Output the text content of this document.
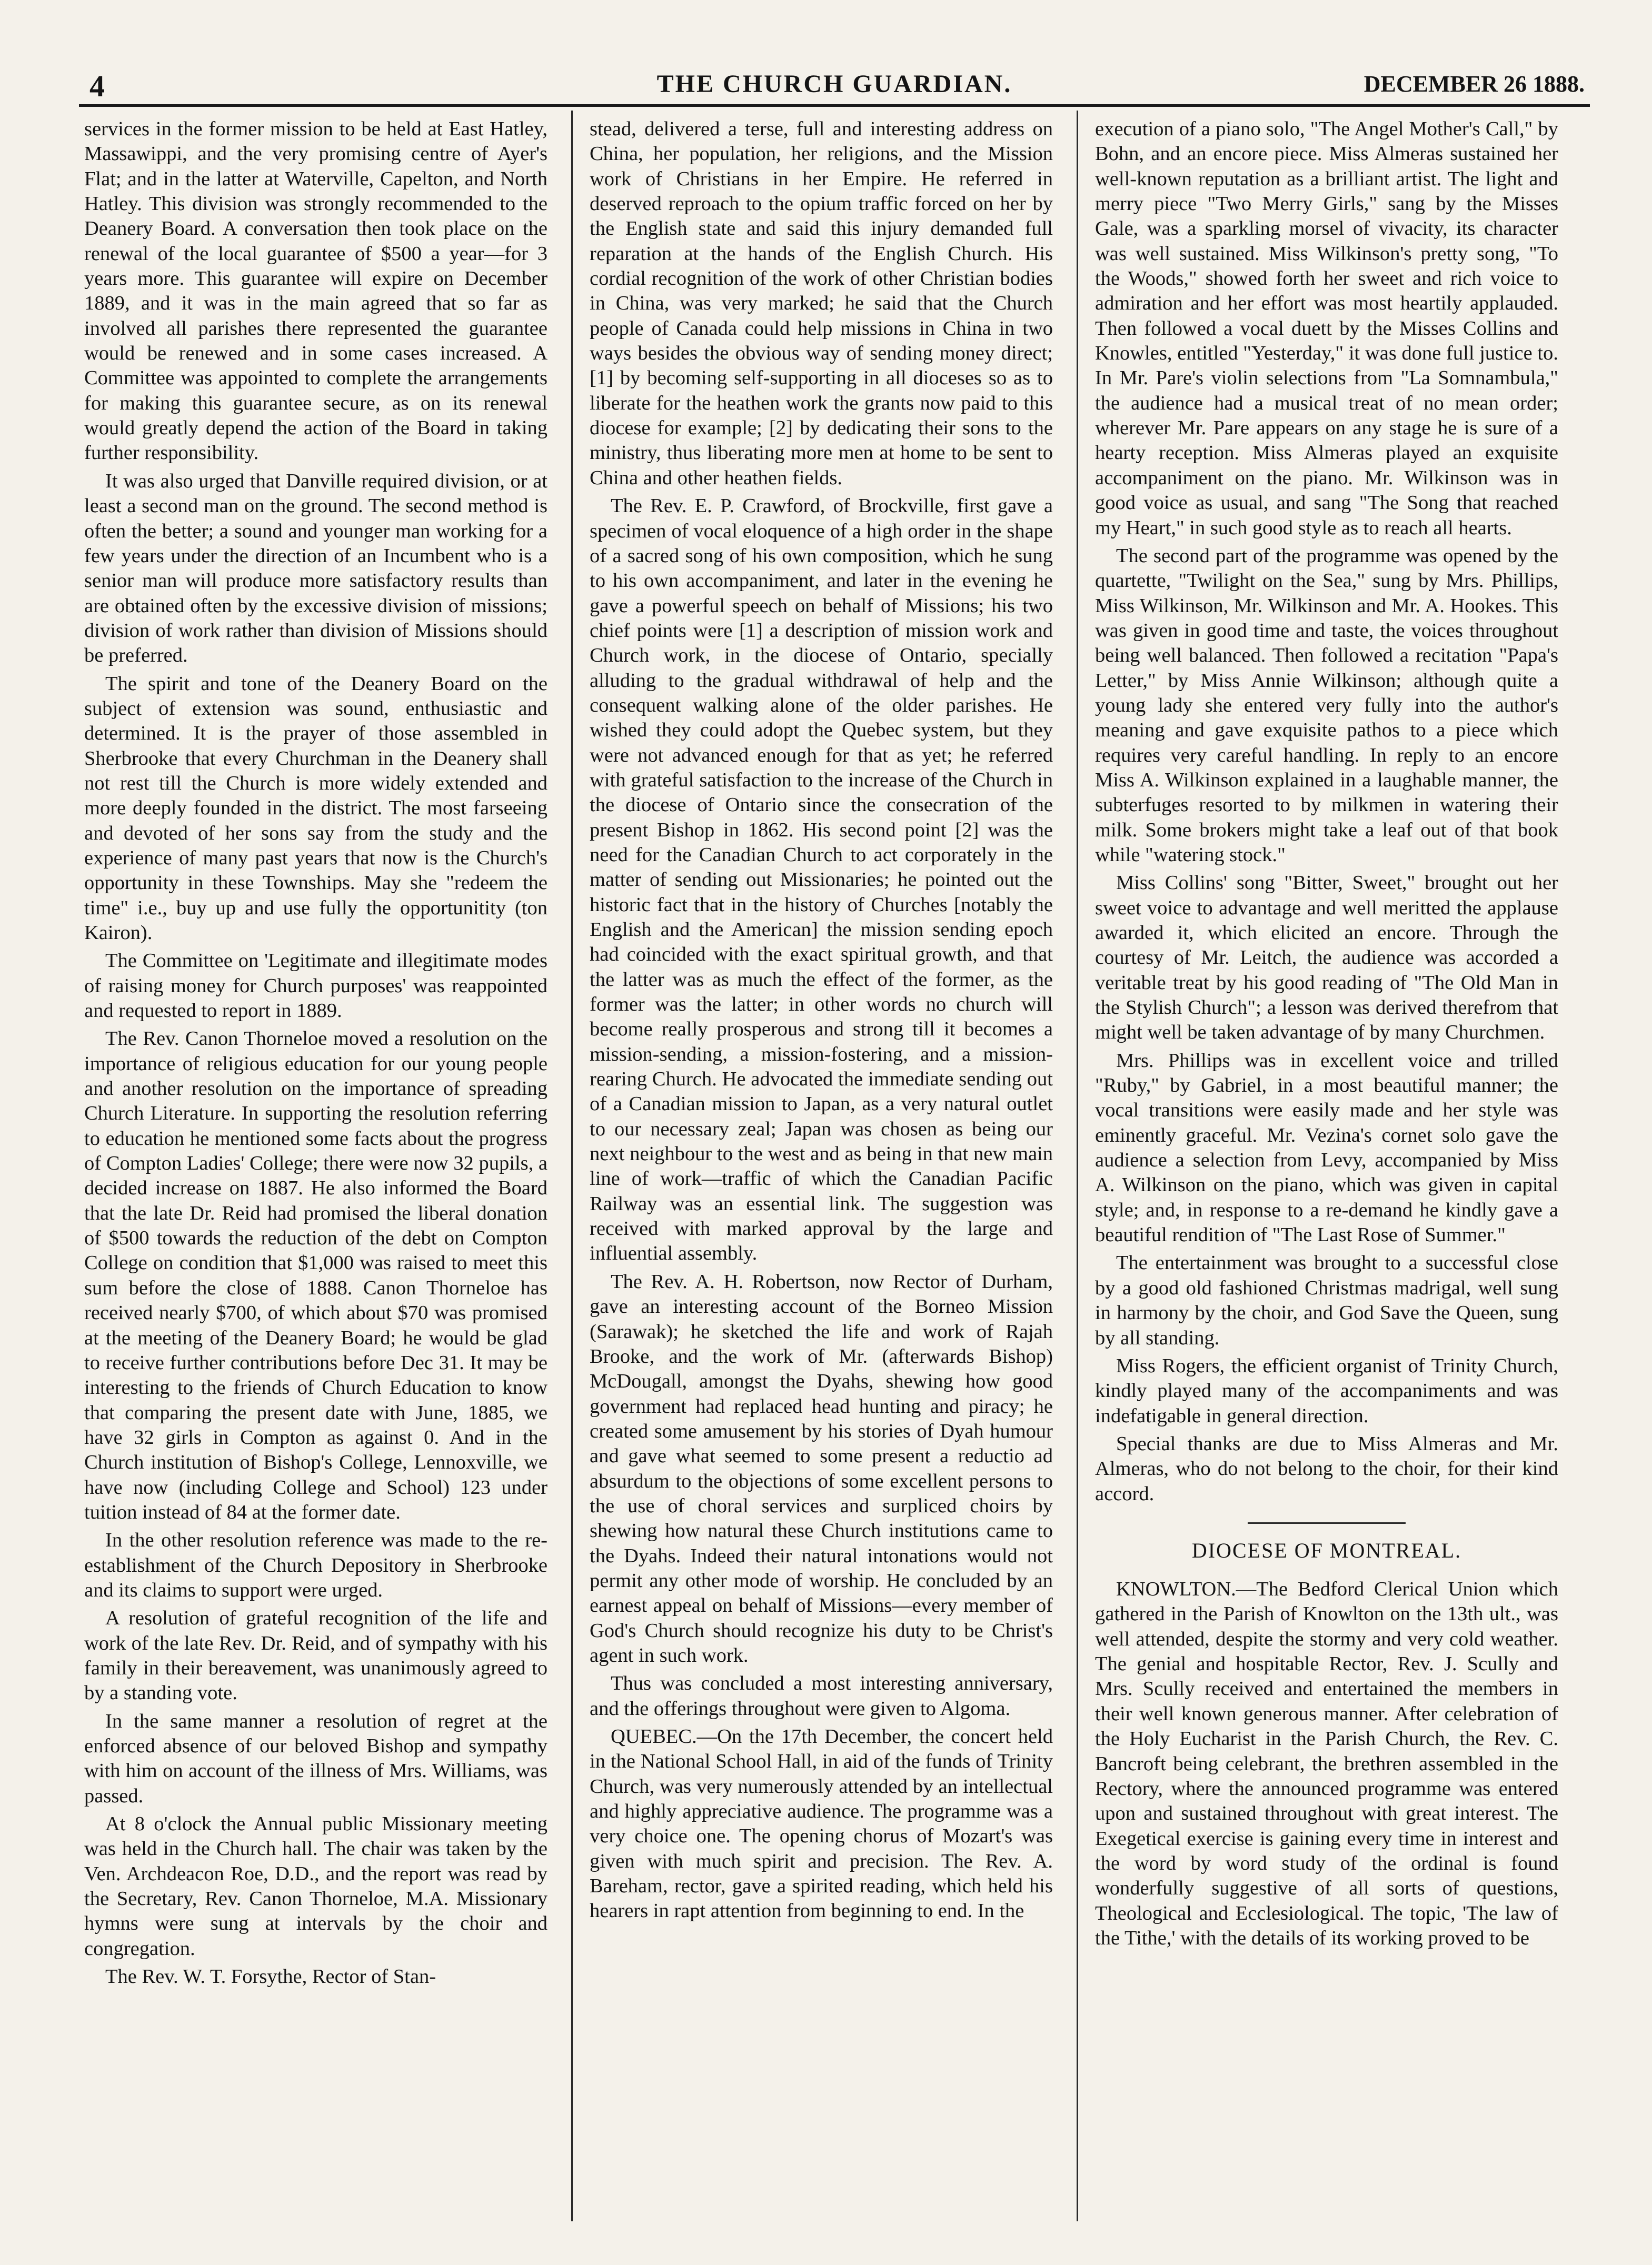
4	THE CHURCH GUARDIAN.	DECEMBER 26 1888.

services in the former mission to be held at East Hatley, Massawippi, and the very promising centre of Ayer's Flat; and in the latter at Waterville, Capelton, and North Hatley. This division was strongly recommended to the Deanery Board. A conversation then took place on the renewal of the local guarantee of $500 a year—for 3 years more. This guarantee will expire on December 1889, and it was in the main agreed that so far as involved all parishes there represented the guarantee would be renewed and in some cases increased. A Committee was appointed to complete the arrangements for making this guarantee secure, as on its renewal would greatly depend the action of the Board in taking further responsibility.

It was also urged that Danville required division, or at least a second man on the ground. The second method is often the better; a sound and younger man working for a few years under the direction of an Incumbent who is a senior man will produce more satisfactory results than are obtained often by the excessive division of missions; division of work rather than division of Missions should be preferred.

The spirit and tone of the Deanery Board on the subject of extension was sound, enthusiastic and determined. It is the prayer of those assembled in Sherbrooke that every Churchman in the Deanery shall not rest till the Church is more widely extended and more deeply founded in the district. The most farseeing and devoted of her sons say from the study and the experience of many past years that now is the Church's opportunity in these Townships. May she "redeem the time" i.e., buy up and use fully the opportunitity (ton Kairon).

The Committee on 'Legitimate and illegitimate modes of raising money for Church purposes' was reappointed and requested to report in 1889.

The Rev. Canon Thorneloe moved a resolution on the importance of religious education for our young people and another resolution on the importance of spreading Church Literature. In supporting the resolution referring to education he mentioned some facts about the progress of Compton Ladies' College; there were now 32 pupils, a decided increase on 1887. He also informed the Board that the late Dr. Reid had promised the liberal donation of $500 towards the reduction of the debt on Compton College on condition that $1,000 was raised to meet this sum before the close of 1888. Canon Thorneloe has received nearly $700, of which about $70 was promised at the meeting of the Deanery Board; he would be glad to receive further contributions before Dec 31. It may be interesting to the friends of Church Education to know that comparing the present date with June, 1885, we have 32 girls in Compton as against 0. And in the Church institution of Bishop's College, Lennoxville, we have now (including College and School) 123 under tuition instead of 84 at the former date.

In the other resolution reference was made to the re-establishment of the Church Depository in Sherbrooke and its claims to support were urged.

A resolution of grateful recognition of the life and work of the late Rev. Dr. Reid, and of sympathy with his family in their bereavement, was unanimously agreed to by a standing vote.

In the same manner a resolution of regret at the enforced absence of our beloved Bishop and sympathy with him on account of the illness of Mrs. Williams, was passed.

At 8 o'clock the Annual public Missionary meeting was held in the Church hall. The chair was taken by the Ven. Archdeacon Roe, D.D., and the report was read by the Secretary, Rev. Canon Thorneloe, M.A. Missionary hymns were sung at intervals by the choir and congregation.

The Rev. W. T. Forsythe, Rector of Stan-

stead, delivered a terse, full and interesting address on China, her population, her religions, and the Mission work of Christians in her Empire. He referred in deserved reproach to the opium traffic forced on her by the English state and said this injury demanded full reparation at the hands of the English Church. His cordial recognition of the work of other Christian bodies in China, was very marked; he said that the Church people of Canada could help missions in China in two ways besides the obvious way of sending money direct; [1] by becoming self-supporting in all dioceses so as to liberate for the heathen work the grants now paid to this diocese for example; [2] by dedicating their sons to the ministry, thus liberating more men at home to be sent to China and other heathen fields.

The Rev. E. P. Crawford, of Brockville, first gave a specimen of vocal eloquence of a high order in the shape of a sacred song of his own composition, which he sung to his own accompaniment, and later in the evening he gave a powerful speech on behalf of Missions; his two chief points were [1] a description of mission work and Church work, in the diocese of Ontario, specially alluding to the gradual withdrawal of help and the consequent walking alone of the older parishes. He wished they could adopt the Quebec system, but they were not advanced enough for that as yet; he referred with grateful satisfaction to the increase of the Church in the diocese of Ontario since the consecration of the present Bishop in 1862. His second point [2] was the need for the Canadian Church to act corporately in the matter of sending out Missionaries; he pointed out the historic fact that in the history of Churches [notably the English and the American] the mission sending epoch had coincided with the exact spiritual growth, and that the latter was as much the effect of the former, as the former was the latter; in other words no church will become really prosperous and strong till it becomes a mission-sending, a mission-fostering, and a mission-rearing Church. He advocated the immediate sending out of a Canadian mission to Japan, as a very natural outlet to our necessary zeal; Japan was chosen as being our next neighbour to the west and as being in that new main line of work—traffic of which the Canadian Pacific Railway was an essential link. The suggestion was received with marked approval by the large and influential assembly.

The Rev. A. H. Robertson, now Rector of Durham, gave an interesting account of the Borneo Mission (Sarawak); he sketched the life and work of Rajah Brooke, and the work of Mr. (afterwards Bishop) McDougall, amongst the Dyahs, shewing how good government had replaced head hunting and piracy; he created some amusement by his stories of Dyah humour and gave what seemed to some present a reductio ad absurdum to the objections of some excellent persons to the use of choral services and surpliced choirs by shewing how natural these Church institutions came to the Dyahs. Indeed their natural intonations would not permit any other mode of worship. He concluded by an earnest appeal on behalf of Missions—every member of God's Church should recognize his duty to be Christ's agent in such work.

Thus was concluded a most interesting anniversary, and the offerings throughout were given to Algoma.

QUEBEC.—On the 17th December, the concert held in the National School Hall, in aid of the funds of Trinity Church, was very numerously attended by an intellectual and highly appreciative audience. The programme was a very choice one. The opening chorus of Mozart's was given with much spirit and precision. The Rev. A. Bareham, rector, gave a spirited reading, which held his hearers in rapt attention from beginning to end. In the

execution of a piano solo, "The Angel Mother's Call," by Bohn, and an encore piece. Miss Almeras sustained her well-known reputation as a brilliant artist. The light and merry piece "Two Merry Girls," sang by the Misses Gale, was a sparkling morsel of vivacity, its character was well sustained. Miss Wilkinson's pretty song, "To the Woods," showed forth her sweet and rich voice to admiration and her effort was most heartily applauded. Then followed a vocal duett by the Misses Collins and Knowles, entitled "Yesterday," it was done full justice to. In Mr. Pare's violin selections from "La Somnambula," the audience had a musical treat of no mean order; wherever Mr. Pare appears on any stage he is sure of a hearty reception. Miss Almeras played an exquisite accompaniment on the piano. Mr. Wilkinson was in good voice as usual, and sang "The Song that reached my Heart," in such good style as to reach all hearts.

The second part of the programme was opened by the quartette, "Twilight on the Sea," sung by Mrs. Phillips, Miss Wilkinson, Mr. Wilkinson and Mr. A. Hookes. This was given in good time and taste, the voices throughout being well balanced. Then followed a recitation "Papa's Letter," by Miss Annie Wilkinson; although quite a young lady she entered very fully into the author's meaning and gave exquisite pathos to a piece which requires very careful handling. In reply to an encore Miss A. Wilkinson explained in a laughable manner, the subterfuges resorted to by milkmen in watering their milk. Some brokers might take a leaf out of that book while "watering stock."

Miss Collins' song "Bitter, Sweet," brought out her sweet voice to advantage and well meritted the applause awarded it, which elicited an encore. Through the courtesy of Mr. Leitch, the audience was accorded a veritable treat by his good reading of "The Old Man in the Stylish Church"; a lesson was derived therefrom that might well be taken advantage of by many Churchmen.

Mrs. Phillips was in excellent voice and trilled "Ruby," by Gabriel, in a most beautiful manner; the vocal transitions were easily made and her style was eminently graceful. Mr. Vezina's cornet solo gave the audience a selection from Levy, accompanied by Miss A. Wilkinson on the piano, which was given in capital style; and, in response to a re-demand he kindly gave a beautiful rendition of "The Last Rose of Summer."

The entertainment was brought to a successful close by a good old fashioned Christmas madrigal, well sung in harmony by the choir, and God Save the Queen, sung by all standing.

Miss Rogers, the efficient organist of Trinity Church, kindly played many of the accompaniments and was indefatigable in general direction.

Special thanks are due to Miss Almeras and Mr. Almeras, who do not belong to the choir, for their kind accord.

DIOCESE OF MONTREAL.

KNOWLTON.—The Bedford Clerical Union which gathered in the Parish of Knowlton on the 13th ult., was well attended, despite the stormy and very cold weather. The genial and hospitable Rector, Rev. J. Scully and Mrs. Scully received and entertained the members in their well known generous manner. After celebration of the Holy Eucharist in the Parish Church, the Rev. C. Bancroft being celebrant, the brethren assembled in the Rectory, where the announced programme was entered upon and sustained throughout with great interest. The Exegetical exercise is gaining every time in interest and the word by word study of the ordinal is found wonderfully suggestive of all sorts of questions, Theological and Ecclesiological. The topic, 'The law of the Tithe,' with the details of its working proved to be
